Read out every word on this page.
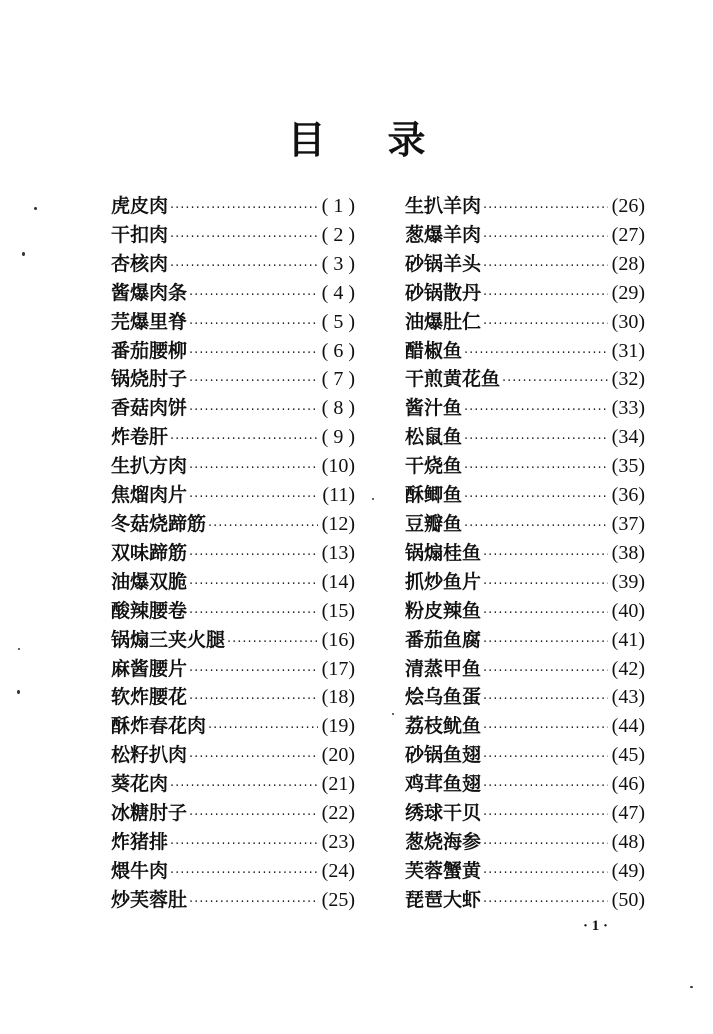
目 录
虎皮肉 ·····	( 1 )
干扣肉 ·····	( 2 )
杏核肉 ·····	( 3 )
酱爆肉条 ·····	( 4 )
芫爆里脊 ·····	( 5 )
番茄腰柳 ·····	( 6 )
锅烧肘子 ·····	( 7 )
香菇肉饼 ·····	( 8 )
炸卷肝 ·····	( 9 )
生扒方肉 ·····	(10)
焦熘肉片 ·····	(11)
冬菇烧蹄筋 ·····	(12)
双味蹄筋 ·····	(13)
油爆双脆 ·····	(14)
酸辣腰卷 ·····	(15)
锅煽三夹火腿 ·····	(16)
麻酱腰片 ·····	(17)
软炸腰花 ·····	(18)
酥炸春花肉 ·····	(19)
松籽扒肉 ·····	(20)
葵花肉 ·····	(21)
冰糖肘子 ·····	(22)
炸猪排 ·····	(23)
煨牛肉 ·····	(24)
炒芙蓉肚 ·····	(25)
生扒羊肉 ·····	(26)
葱爆羊肉 ·····	(27)
砂锅羊头 ·····	(28)
砂锅散丹 ·····	(29)
油爆肚仁 ·····	(30)
醋椒鱼 ·····	(31)
干煎黄花鱼 ·····	(32)
酱汁鱼 ·····	(33)
松鼠鱼 ·····	(34)
干烧鱼 ·····	(35)
酥鲫鱼 ·····	(36)
豆瓣鱼 ·····	(37)
锅煽桂鱼 ·····	(38)
抓炒鱼片 ·····	(39)
粉皮辣鱼 ·····	(40)
番茄鱼腐 ·····	(41)
清蒸甲鱼 ·····	(42)
烩乌鱼蛋 ·····	(43)
荔枝鱿鱼 ·····	(44)
砂锅鱼翅 ·····	(45)
鸡茸鱼翅 ·····	(46)
绣球干贝 ·····	(47)
葱烧海参 ·····	(48)
芙蓉蟹黄 ·····	(49)
琵琶大虾 ·····	(50)
· 1 ·
